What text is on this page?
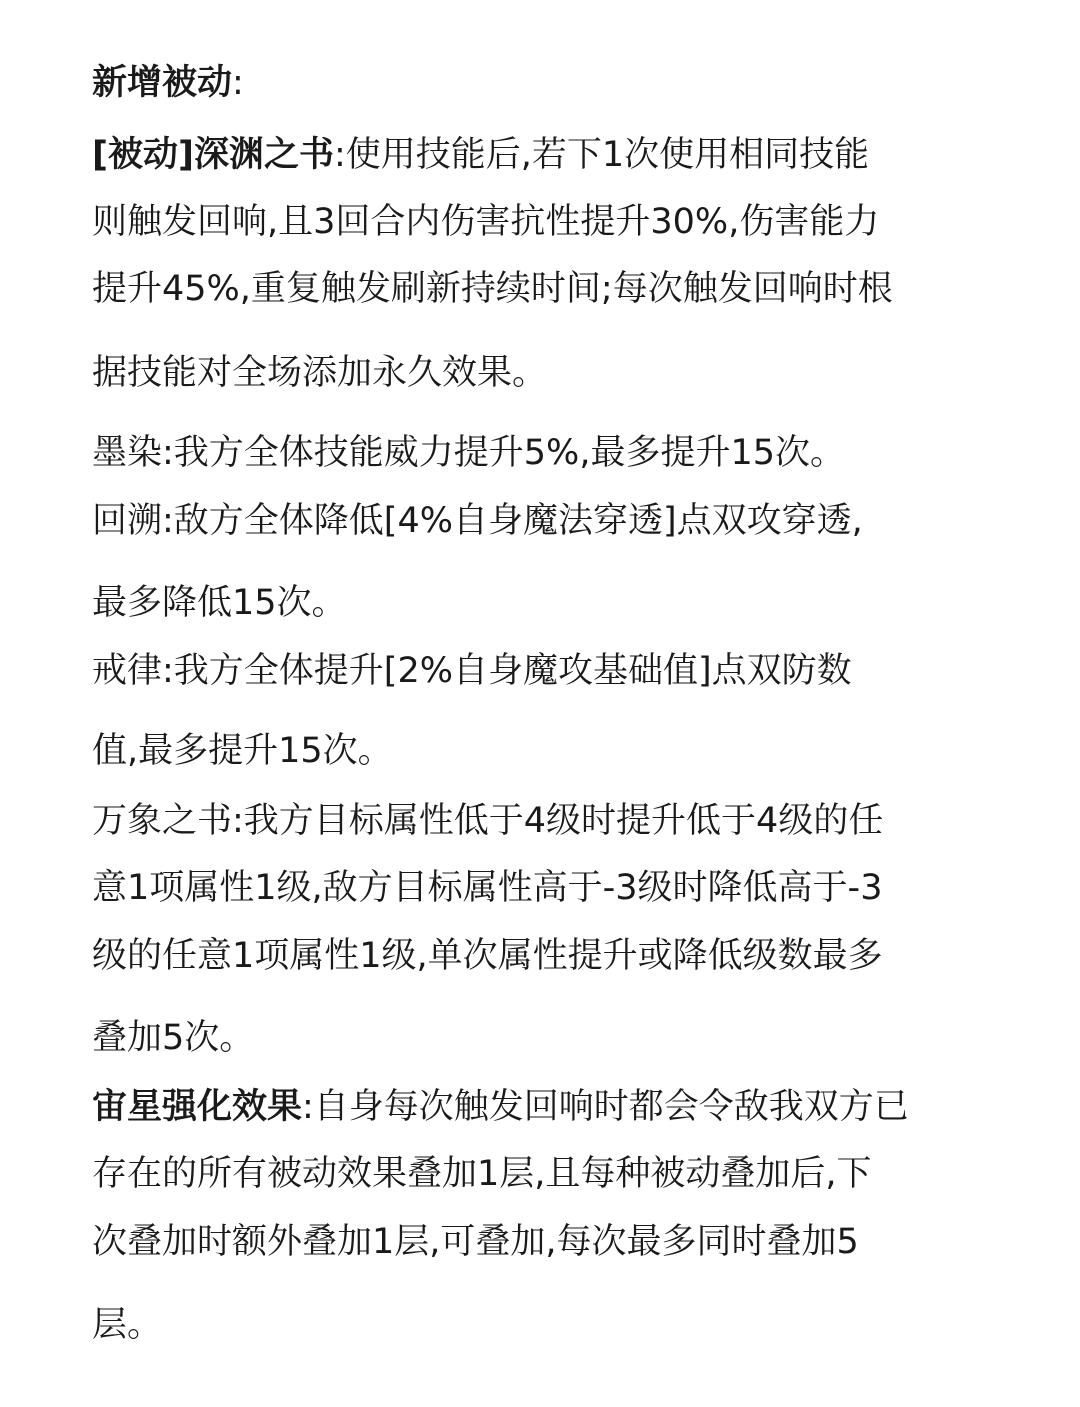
新增被动:
[被动]深渊之书:使用技能后,若下1次使用相同技能
则触发回响,且3回合内伤害抗性提升30%,伤害能力
提升45%,重复触发刷新持续时间;每次触发回响时根
据技能对全场添加永久效果。
墨染:我方全体技能威力提升5%,最多提升15次。
回溯:敌方全体降低[4%自身魔法穿透]点双攻穿透,
最多降低15次。
戒律:我方全体提升[2%自身魔攻基础值]点双防数
值,最多提升15次。
万象之书:我方目标属性低于4级时提升低于4级的任
意1项属性1级,敌方目标属性高于-3级时降低高于-3
级的任意1项属性1级,单次属性提升或降低级数最多
叠加5次。
宙星强化效果:自身每次触发回响时都会令敌我双方已
存在的所有被动效果叠加1层,且每种被动叠加后,下
次叠加时额外叠加1层,可叠加,每次最多同时叠加5
层。
